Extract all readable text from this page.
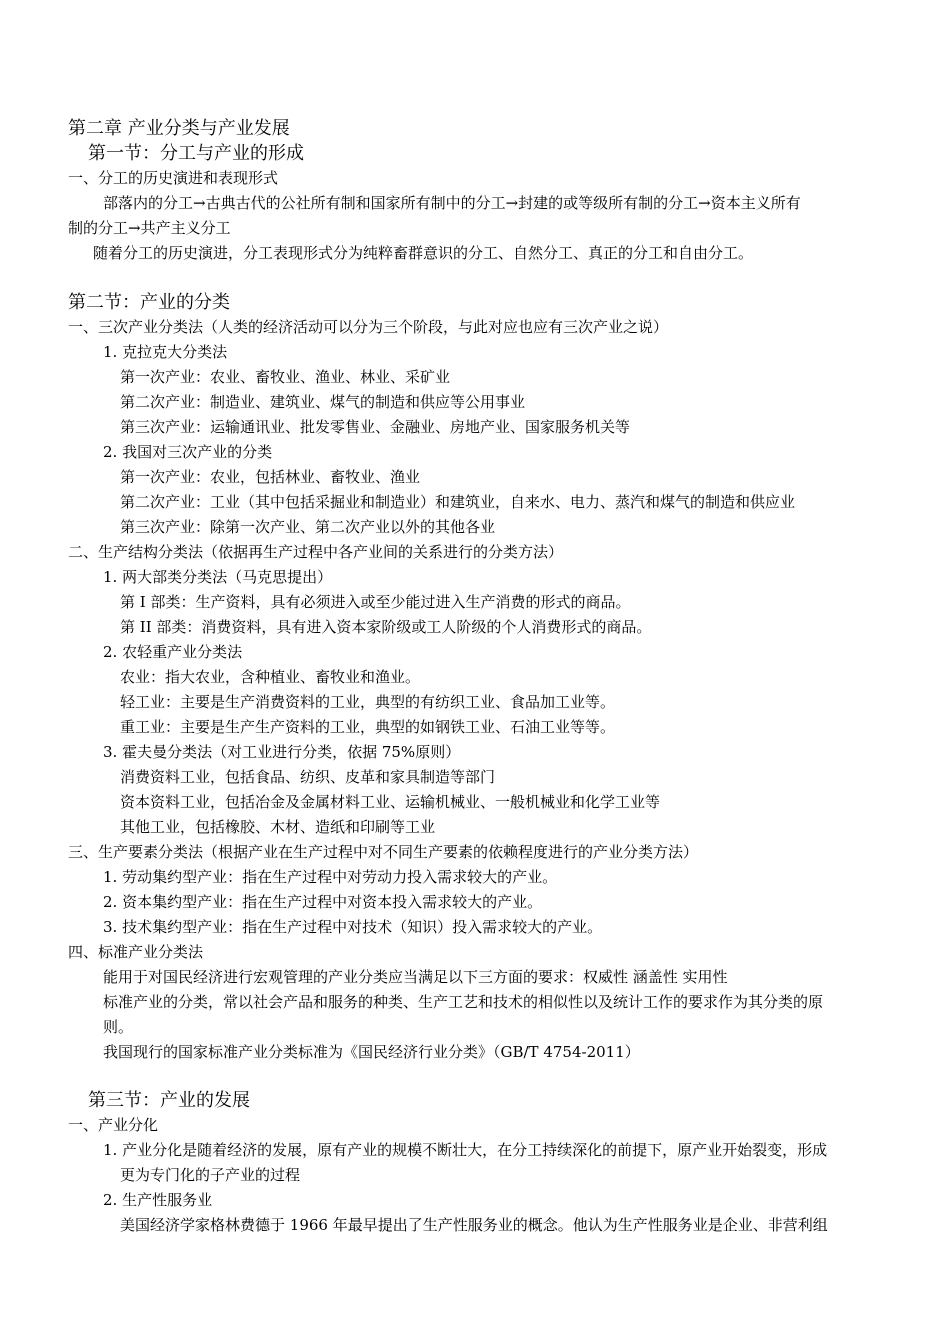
第二章 产业分类与产业发展
第一节：分工与产业的形成
一、分工的历史演进和表现形式
部落内的分工→古典古代的公社所有制和国家所有制中的分工→封建的或等级所有制的分工→资本主义所有
制的分工→共产主义分工
随着分工的历史演进，分工表现形式分为纯粹畜群意识的分工、自然分工、真正的分工和自由分工。
第二节：产业的分类
一、三次产业分类法（人类的经济活动可以分为三个阶段，与此对应也应有三次产业之说）
1. 克拉克大分类法
第一次产业：农业、畜牧业、渔业、林业、采矿业
第二次产业：制造业、建筑业、煤气的制造和供应等公用事业
第三次产业：运输通讯业、批发零售业、金融业、房地产业、国家服务机关等
2. 我国对三次产业的分类
第一次产业：农业，包括林业、畜牧业、渔业
第二次产业：工业（其中包括采掘业和制造业）和建筑业，自来水、电力、蒸汽和煤气的制造和供应业
第三次产业：除第一次产业、第二次产业以外的其他各业
二、生产结构分类法（依据再生产过程中各产业间的关系进行的分类方法）
1. 两大部类分类法（马克思提出）
第 I 部类：生产资料，具有必须进入或至少能过进入生产消费的形式的商品。
第 II 部类：消费资料，具有进入资本家阶级或工人阶级的个人消费形式的商品。
2. 农轻重产业分类法
农业：指大农业，含种植业、畜牧业和渔业。
轻工业：主要是生产消费资料的工业，典型的有纺织工业、食品加工业等。
重工业：主要是生产生产资料的工业，典型的如钢铁工业、石油工业等等。
3. 霍夫曼分类法（对工业进行分类，依据 75%原则）
消费资料工业，包括食品、纺织、皮革和家具制造等部门
资本资料工业，包括冶金及金属材料工业、运输机械业、一般机械业和化学工业等
其他工业，包括橡胶、木材、造纸和印刷等工业
三、生产要素分类法（根据产业在生产过程中对不同生产要素的依赖程度进行的产业分类方法）
1. 劳动集约型产业：指在生产过程中对劳动力投入需求较大的产业。
2. 资本集约型产业：指在生产过程中对资本投入需求较大的产业。
3. 技术集约型产业：指在生产过程中对技术（知识）投入需求较大的产业。
四、标准产业分类法
能用于对国民经济进行宏观管理的产业分类应当满足以下三方面的要求：权威性 涵盖性 实用性
标准产业的分类，常以社会产品和服务的种类、生产工艺和技术的相似性以及统计工作的要求作为其分类的原
则。
我国现行的国家标准产业分类标准为《国民经济行业分类》（GB/T 4754-2011）
第三节：产业的发展
一、产业分化
1. 产业分化是随着经济的发展，原有产业的规模不断壮大，在分工持续深化的前提下，原产业开始裂变，形成
更为专门化的子产业的过程
2. 生产性服务业
美国经济学家格林费德于 1966 年最早提出了生产性服务业的概念。他认为生产性服务业是企业、非营利组
